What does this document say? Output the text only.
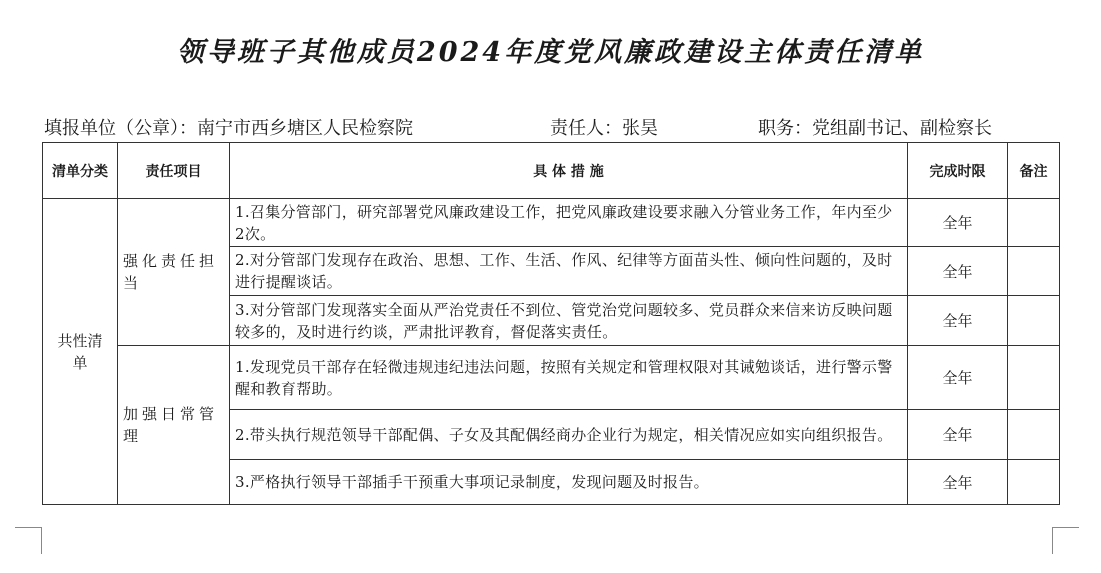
领导班子其他成员2024年度党风廉政建设主体责任清单
填报单位（公章）：南宁市西乡塘区人民检察院	责任人：张昊	职务：党组副书记、副检察长
清单分类	责任项目	具 体 措 施	完成时限	备注
共性清单	强化责任担当	1.召集分管部门，研究部署党风廉政建设工作，把党风廉政建设要求融入分管业务工作，年内至少2次。	全年	
		2.对分管部门发现存在政治、思想、工作、生活、作风、纪律等方面苗头性、倾向性问题的，及时进行提醒谈话。	全年	
		3.对分管部门发现落实全面从严治党责任不到位、管党治党问题较多、党员群众来信来访反映问题较多的，及时进行约谈，严肃批评教育，督促落实责任。	全年	
	加强日常管理	1.发现党员干部存在轻微违规违纪违法问题，按照有关规定和管理权限对其诫勉谈话，进行警示警醒和教育帮助。	全年	
		2.带头执行规范领导干部配偶、子女及其配偶经商办企业行为规定，相关情况应如实向组织报告。	全年	
		3.严格执行领导干部插手干预重大事项记录制度，发现问题及时报告。	全年	
